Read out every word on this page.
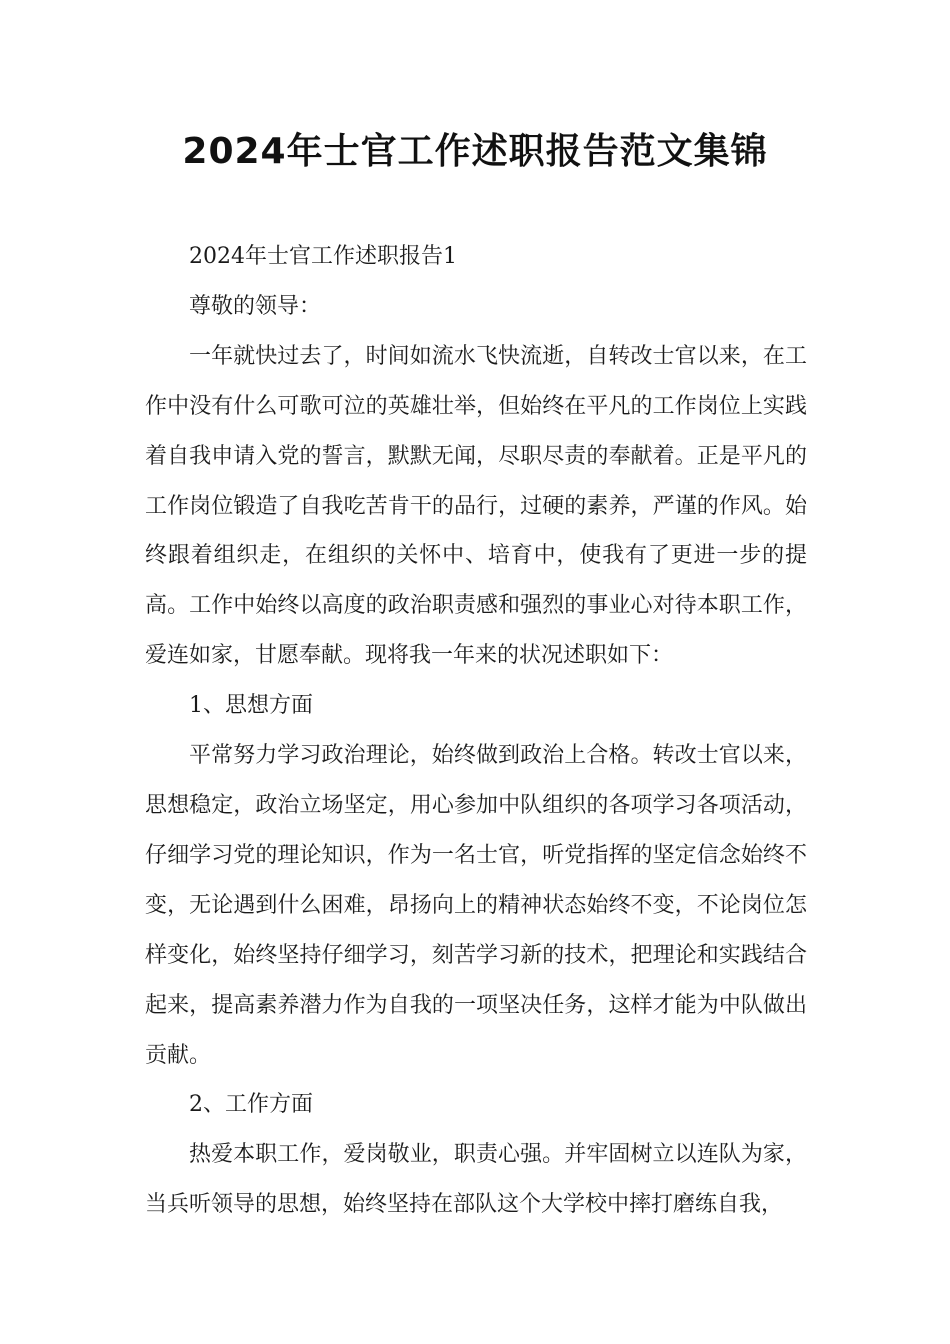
2024年士官工作述职报告范文集锦

2024年士官工作述职报告1

尊敬的领导：

一年就快过去了，时间如流水飞快流逝，自转改士官以来，在工作中没有什么可歌可泣的英雄壮举，但始终在平凡的工作岗位上实践着自我申请入党的誓言，默默无闻，尽职尽责的奉献着。正是平凡的工作岗位锻造了自我吃苦肯干的品行，过硬的素养，严谨的作风。始终跟着组织走，在组织的关怀中、培育中，使我有了更进一步的提高。工作中始终以高度的政治职责感和强烈的事业心对待本职工作，爱连如家，甘愿奉献。现将我一年来的状况述职如下：

1、思想方面

平常努力学习政治理论，始终做到政治上合格。转改士官以来，思想稳定，政治立场坚定，用心参加中队组织的各项学习各项活动，仔细学习党的理论知识，作为一名士官，听党指挥的坚定信念始终不变，无论遇到什么困难，昂扬向上的精神状态始终不变，不论岗位怎样变化，始终坚持仔细学习，刻苦学习新的技术，把理论和实践结合起来，提高素养潜力作为自我的一项坚决任务，这样才能为中队做出贡献。

2、工作方面

热爱本职工作，爱岗敬业，职责心强。并牢固树立以连队为家，当兵听领导的思想，始终坚持在部队这个大学校中摔打磨练自我，
